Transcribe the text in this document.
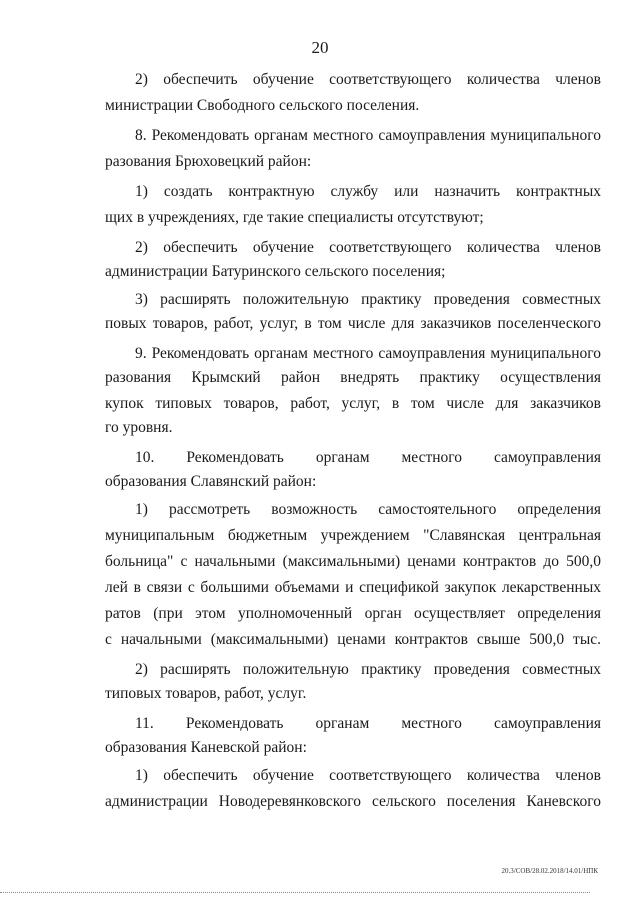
20
2) обеспечить обучение соответствующего количества членов
министрации Свободного сельского поселения.
8. Рекомендовать органам местного самоуправления муниципального
разования Брюховецкий район:
1) создать контрактную службу или назначить контрактных
щих в учреждениях, где такие специалисты отсутствуют;
2) обеспечить обучение соответствующего количества членов
администрации Батуринского сельского поселения;
3) расширять положительную практику проведения совместных
повых товаров, работ, услуг, в том числе для заказчиков поселенческого
9. Рекомендовать органам местного самоуправления муниципального
разования Крымский район внедрять практику осуществления
купок типовых товаров, работ, услуг, в том числе для заказчиков
го уровня.
10. Рекомендовать органам местного самоуправления
образования Славянский район:
1) рассмотреть возможность самостоятельного определения
муниципальным бюджетным учреждением "Славянская центральная
больница" с начальными (максимальными) ценами контрактов до 500,0
лей в связи с большими объемами и спецификой закупок лекарственных
ратов (при этом уполномоченный орган осуществляет определения
с начальными (максимальными) ценами контрактов свыше 500,0 тыс.
2) расширять положительную практику проведения совместных
типовых товаров, работ, услуг.
11. Рекомендовать органам местного самоуправления
образования Каневской район:
1) обеспечить обучение соответствующего количества членов
администрации Новодеревянковского сельского поселения Каневского
20.3/СОВ/28.02.2018/14.01/НПК
